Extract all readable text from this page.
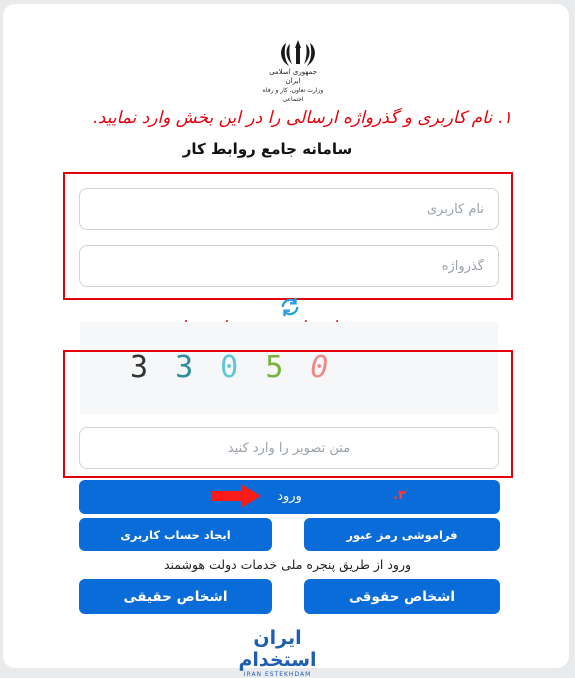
جمهوری اسلامی ایران
وزارت تعاون، کار و رفاه اجتماعی
۱. نام کاربری و گذرواژه ارسالی را در این بخش وارد نمایید.
سامانه جامع روابط کار
نام کاربری
33050
متن تصویر را وارد کنید
ورود	۳.
فراموشی رمز عبور
ایجاد حساب کاربری
ورود از طریق پنجره ملی خدمات دولت هوشمند
اشخاص حقوقی
اشخاص حقیقی
ایران استخدام
IRAN ESTEKHDAM
